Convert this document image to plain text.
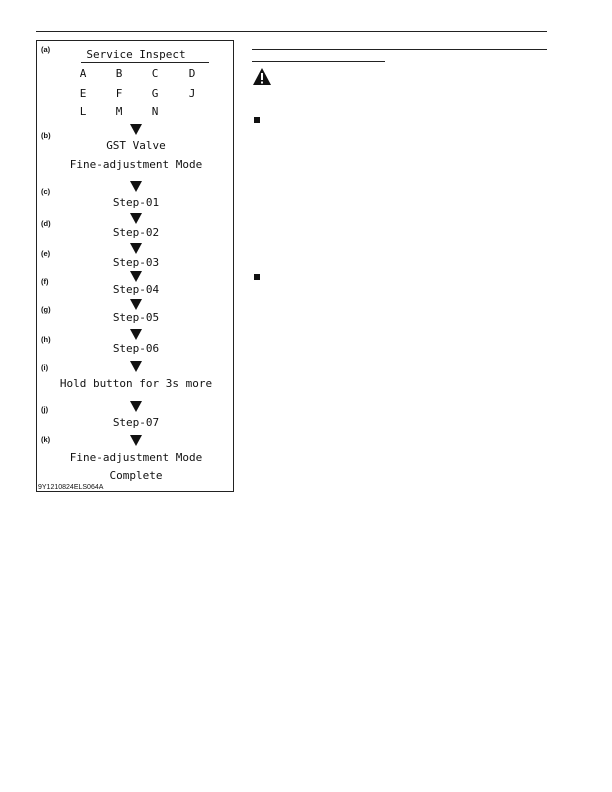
(a)
(b)
(c)
(d)
(e)
(f)
(g)
(h)
(i)
(j)
(k)
Service Inspect
A	B	C	D
E	F	G	J
L	M	N
GST Valve
Fine-adjustment Mode
Step-01
Step-02
Step-03
Step-04
Step-05
Step-06
Hold button for 3s more
Step-07
Fine-adjustment Mode
Complete
9Y1210824ELS064A
